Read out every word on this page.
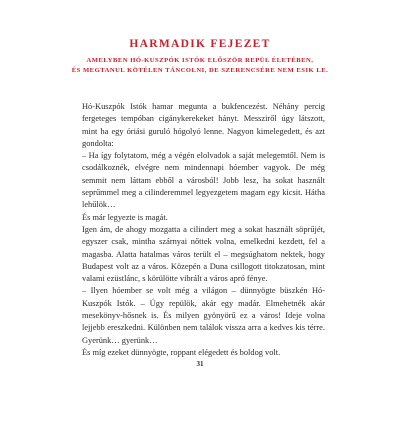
HARMADIK FEJEZET
AMELYBEN HÓ-KUSZPÓK ISTÓK ELŐSZÖR REPÜL ÉLETÉBEN,
ÉS MEGTANUL KÖTÉLEN TÁNCOLNI, DE SZERENCSÉRE NEM ESIK LE.

Hó-Kuszpók Istók hamar megunta a bukfencezést. Néhány percig fergeteges tempóban cigánykerekeket hányt. Messziről úgy látszott, mint ha egy óriási guruló hógolyó lenne. Nagyon kimelegedett, és azt gondolta:

– Ha így folytatom, még a végén elolvadok a saját melegemtől. Nem is csodálkoznék, elvégre nem mindennapi hóember vagyok. De még semmit nem láttam ebből a városból! Jobb lesz, ha sokat használt seprűmmel meg a cilinderemmel legyezgetem magam egy kicsit. Hátha lehűlök…

És már legyezte is magát.

Igen ám, de ahogy mozgatta a cilindert meg a sokat használt söprűjét, egyszer csak, mintha szárnyai nőttek volna, emelkedni kezdett, fel a magasba. Alatta hatalmas város terült el – megsúghatom nektek, hogy Budapest volt az a város. Közepén a Duna csillogott titokzatosan, mint valami ezüstlánc, s körülötte vibrált a város apró fénye.

– Ilyen hóember se volt még a világon – dünnyögte büszkén Hó-Kuszpók Istók. – Úgy repülök, akár egy madár. Elmehetnék akár mesekönyv-hősnek is. És milyen gyönyörű ez a város! Ideje volna lejjebb ereszkedni. Különben nem találok vissza arra a kedves kis térre. Gyerünk… gyerünk…

És míg ezeket dünnyögte, roppant elégedett és boldog volt.

31
